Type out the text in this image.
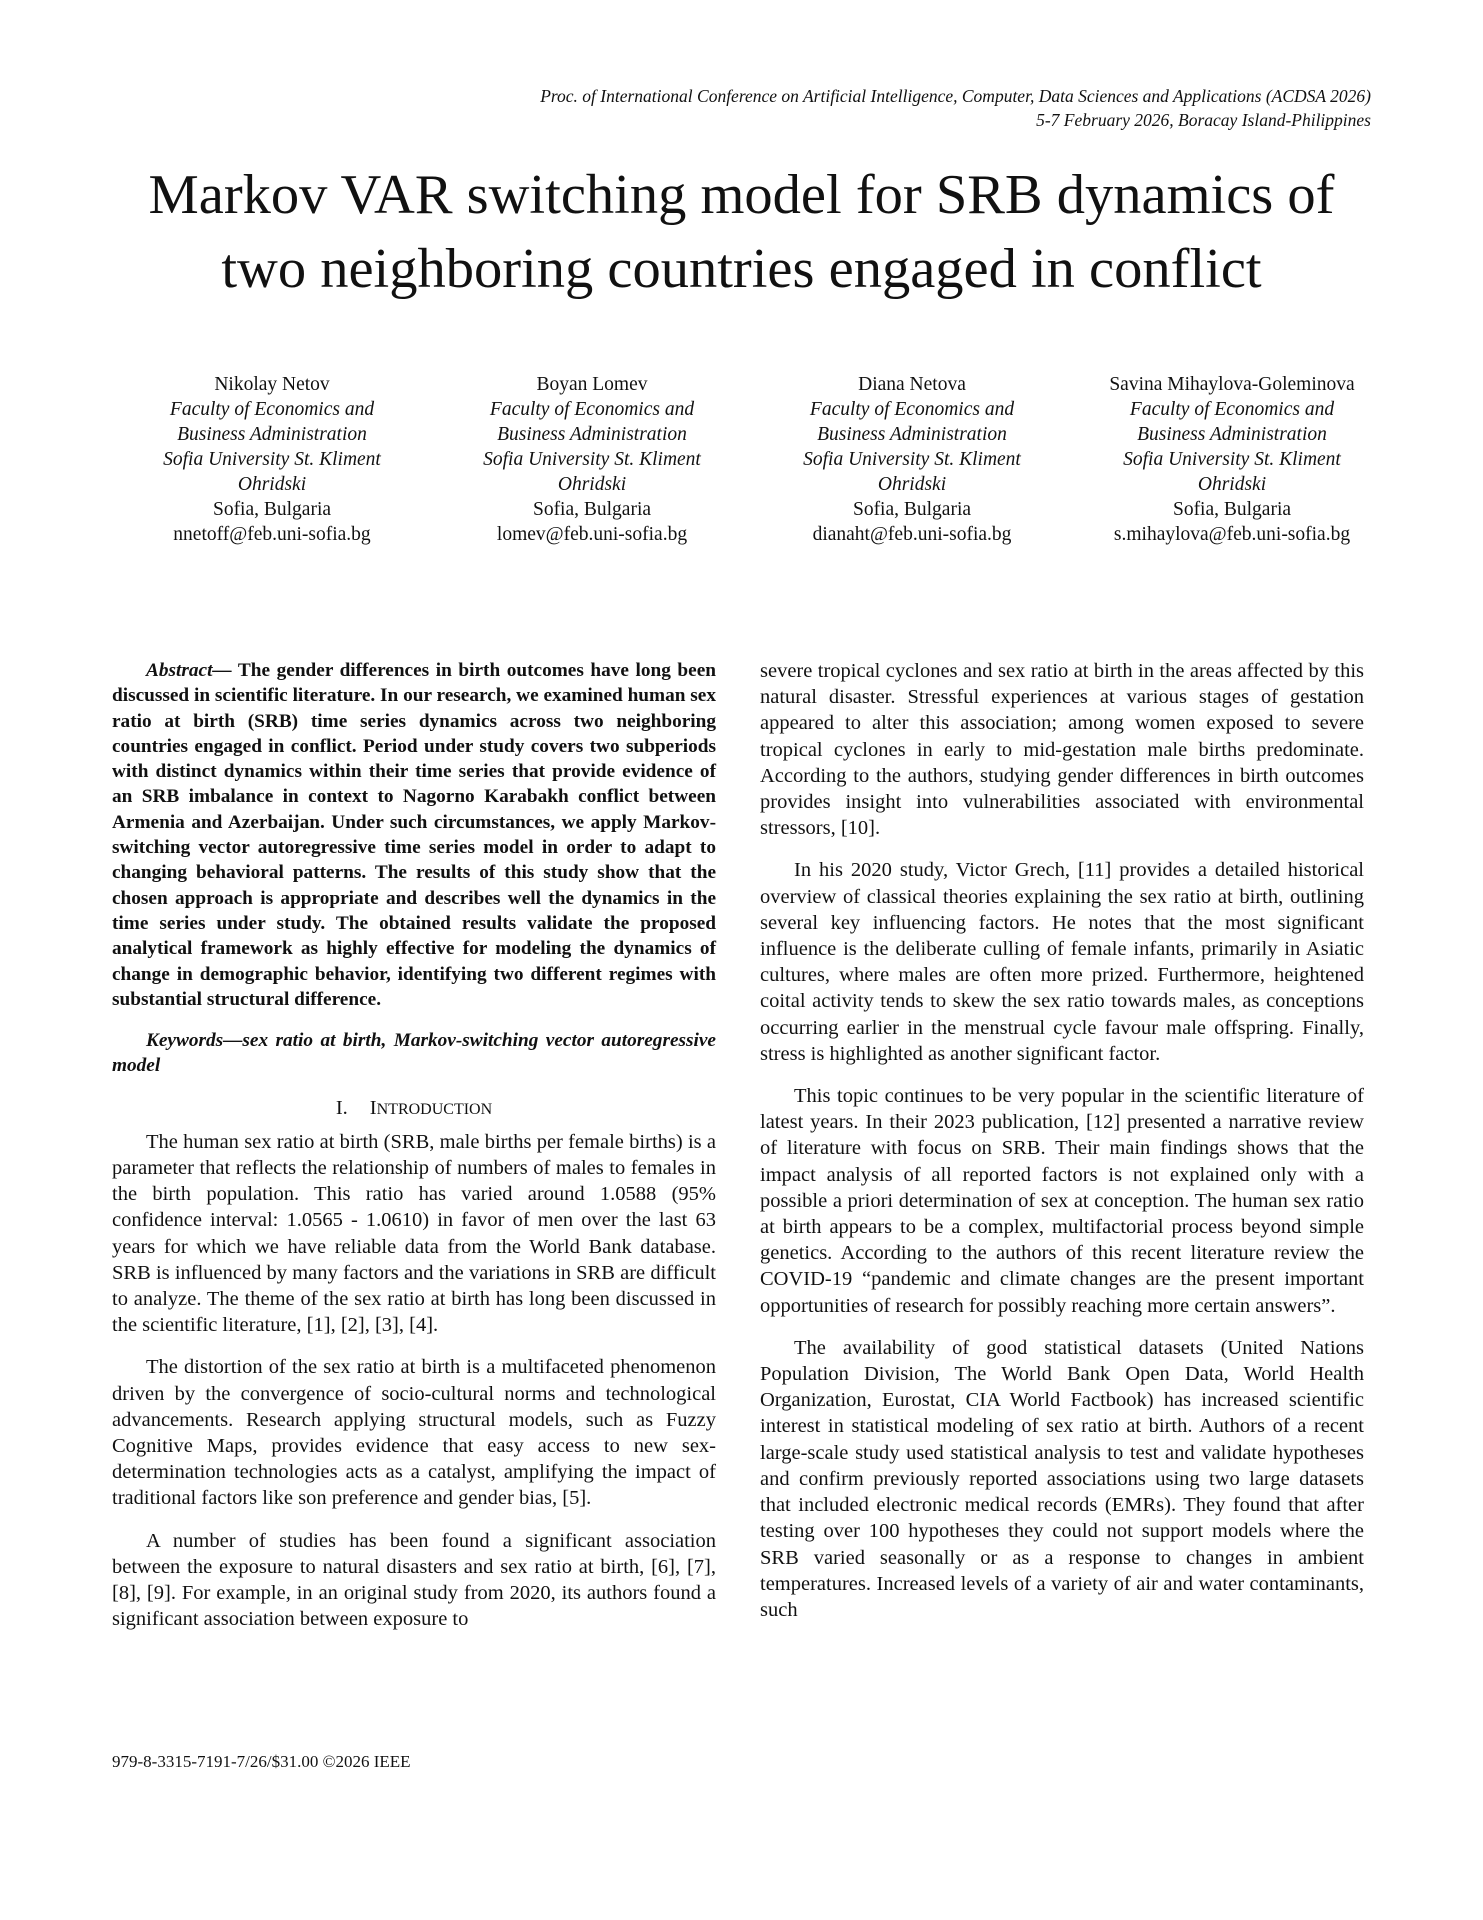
Proc. of International Conference on Artificial Intelligence, Computer, Data Sciences and Applications (ACDSA 2026)
5-7 February 2026, Boracay Island-Philippines
Markov VAR switching model for SRB dynamics of
two neighboring countries engaged in conflict
Nikolay Netov
Faculty of Economics and
Business Administration
Sofia University St. Kliment
Ohridski
Sofia, Bulgaria
nnetoff@feb.uni-sofia.bg
Boyan Lomev
Faculty of Economics and
Business Administration
Sofia University St. Kliment
Ohridski
Sofia, Bulgaria
lomev@feb.uni-sofia.bg
Diana Netova
Faculty of Economics and
Business Administration
Sofia University St. Kliment
Ohridski
Sofia, Bulgaria
dianaht@feb.uni-sofia.bg
Savina Mihaylova-Goleminova
Faculty of Economics and
Business Administration
Sofia University St. Kliment
Ohridski
Sofia, Bulgaria
s.mihaylova@feb.uni-sofia.bg

Abstract— The gender differences in birth outcomes have long been discussed in scientific literature. In our research, we examined human sex ratio at birth (SRB) time series dynamics across two neighboring countries engaged in conflict. Period under study covers two subperiods with distinct dynamics within their time series that provide evidence of an SRB imbalance in context to Nagorno Karabakh conflict between Armenia and Azerbaijan. Under such circumstances, we apply Markov-switching vector autoregressive time series model in order to adapt to changing behavioral patterns. The results of this study show that the chosen approach is appropriate and describes well the dynamics in the time series under study. The obtained results validate the proposed analytical framework as highly effective for modeling the dynamics of change in demographic behavior, identifying two different regimes with substantial structural difference.

Keywords—sex ratio at birth, Markov-switching vector autoregressive model

I. INTRODUCTION

The human sex ratio at birth (SRB, male births per female births) is a parameter that reflects the relationship of numbers of males to females in the birth population. This ratio has varied around 1.0588 (95% confidence interval: 1.0565 - 1.0610) in favor of men over the last 63 years for which we have reliable data from the World Bank database. SRB is influenced by many factors and the variations in SRB are difficult to analyze. The theme of the sex ratio at birth has long been discussed in the scientific literature, [1], [2], [3], [4].

The distortion of the sex ratio at birth is a multifaceted phenomenon driven by the convergence of socio-cultural norms and technological advancements. Research applying structural models, such as Fuzzy Cognitive Maps, provides evidence that easy access to new sex-determination technologies acts as a catalyst, amplifying the impact of traditional factors like son preference and gender bias, [5].

A number of studies has been found a significant association between the exposure to natural disasters and sex ratio at birth, [6], [7], [8], [9]. For example, in an original study from 2020, its authors found a significant association between exposure to

severe tropical cyclones and sex ratio at birth in the areas affected by this natural disaster. Stressful experiences at various stages of gestation appeared to alter this association; among women exposed to severe tropical cyclones in early to mid-gestation male births predominate. According to the authors, studying gender differences in birth outcomes provides insight into vulnerabilities associated with environmental stressors, [10].

In his 2020 study, Victor Grech, [11] provides a detailed historical overview of classical theories explaining the sex ratio at birth, outlining several key influencing factors. He notes that the most significant influence is the deliberate culling of female infants, primarily in Asiatic cultures, where males are often more prized. Furthermore, heightened coital activity tends to skew the sex ratio towards males, as conceptions occurring earlier in the menstrual cycle favour male offspring. Finally, stress is highlighted as another significant factor.

This topic continues to be very popular in the scientific literature of latest years. In their 2023 publication, [12] presented a narrative review of literature with focus on SRB. Their main findings shows that the impact analysis of all reported factors is not explained only with a possible a priori determination of sex at conception. The human sex ratio at birth appears to be a complex, multifactorial process beyond simple genetics. According to the authors of this recent literature review the COVID-19 “pandemic and climate changes are the present important opportunities of research for possibly reaching more certain answers”.

The availability of good statistical datasets (United Nations Population Division, The World Bank Open Data, World Health Organization, Eurostat, CIA World Factbook) has increased scientific interest in statistical modeling of sex ratio at birth. Authors of a recent large-scale study used statistical analysis to test and validate hypotheses and confirm previously reported associations using two large datasets that included electronic medical records (EMRs). They found that after testing over 100 hypotheses they could not support models where the SRB varied seasonally or as a response to changes in ambient temperatures. Increased levels of a variety of air and water contaminants, such

979-8-3315-7191-7/26/$31.00 ©2026 IEEE
